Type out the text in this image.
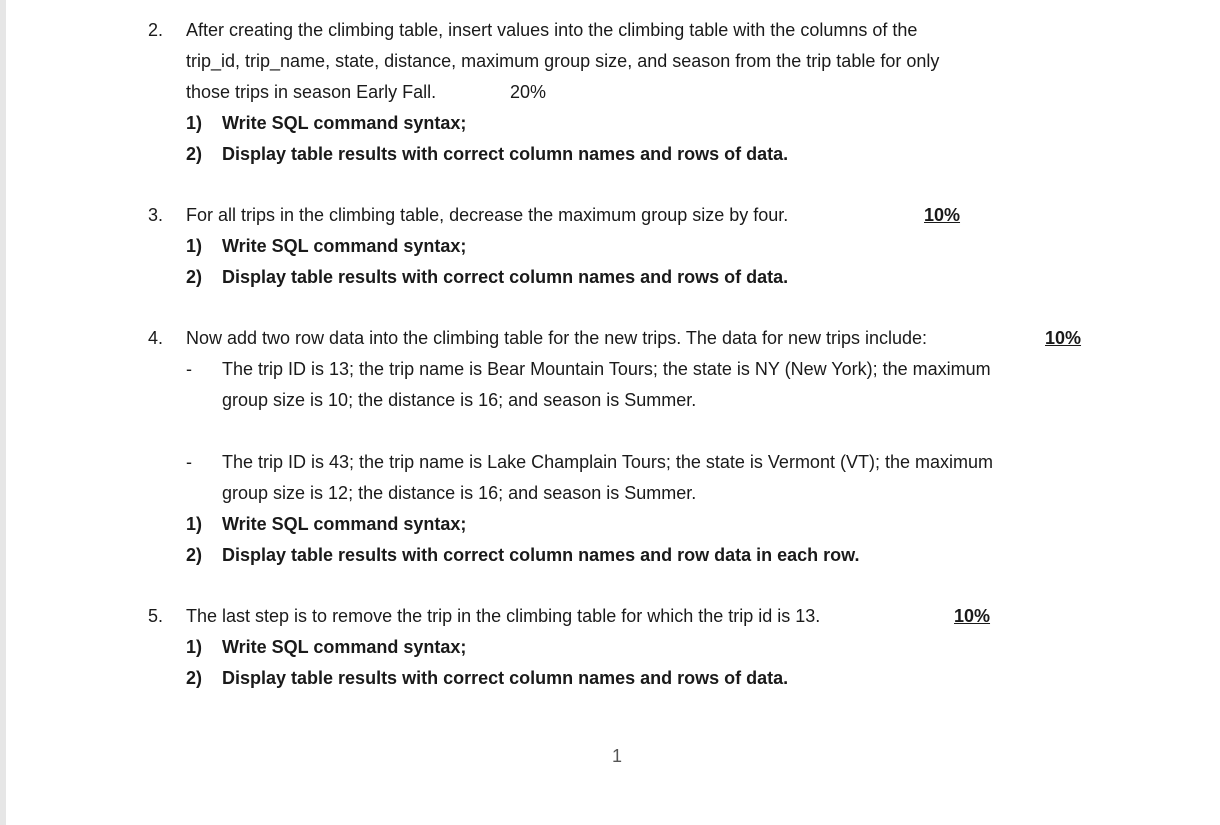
2. After creating the climbing table, insert values into the climbing table with the columns of the
trip_id, trip_name, state, distance, maximum group size, and season from the trip table for only
those trips in season Early Fall.	20%
1) Write SQL command syntax;
2) Display table results with correct column names and rows of data.
3. For all trips in the climbing table, decrease the maximum group size by four.	10%
1) Write SQL command syntax;
2) Display table results with correct column names and rows of data.
4. Now add two row data into the climbing table for the new trips. The data for new trips include:	10%
- The trip ID is 13; the trip name is Bear Mountain Tours; the state is NY (New York); the maximum
group size is 10; the distance is 16; and season is Summer.
- The trip ID is 43; the trip name is Lake Champlain Tours; the state is Vermont (VT); the maximum
group size is 12; the distance is 16; and season is Summer.
1) Write SQL command syntax;
2) Display table results with correct column names and row data in each row.
5. The last step is to remove the trip in the climbing table for which the trip id is 13.	10%
1) Write SQL command syntax;
2) Display table results with correct column names and rows of data.
1
